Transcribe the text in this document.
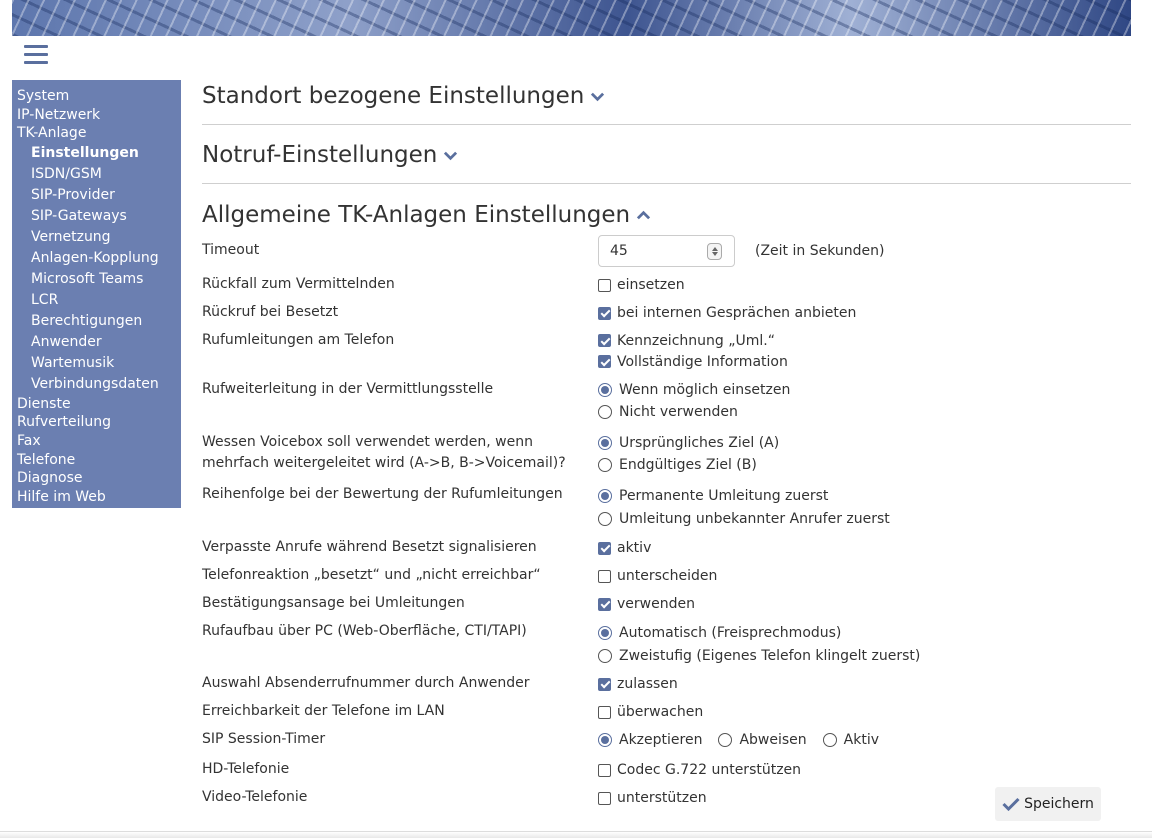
System
IP-Netzwerk
TK-Anlage
Einstellungen
ISDN/GSM
SIP-Provider
SIP-Gateways
Vernetzung
Anlagen-Kopplung
Microsoft Teams
LCR
Berechtigungen
Anwender
Wartemusik
Verbindungsdaten
Dienste
Rufverteilung
Fax
Telefone
Diagnose
Hilfe im Web
Standort bezogene Einstellungen
Notruf-Einstellungen
Allgemeine TK-Anlagen Einstellungen
Timeout	45	(Zeit in Sekunden)
Rückfall zum Vermittelnden	einsetzen
Rückruf bei Besetzt	bei internen Gesprächen anbieten
Rufumleitungen am Telefon	Kennzeichnung „Uml.“
Vollständige Information
Rufweiterleitung in der Vermittlungsstelle	Wenn möglich einsetzen
Nicht verwenden
Wessen Voicebox soll verwendet werden, wenn mehrfach weitergeleitet wird (A->B, B->Voicemail)?
Ursprüngliches Ziel (A)
Endgültiges Ziel (B)
Reihenfolge bei der Bewertung der Rufumleitungen	Permanente Umleitung zuerst
Umleitung unbekannter Anrufer zuerst
Verpasste Anrufe während Besetzt signalisieren	aktiv
Telefonreaktion „besetzt“ und „nicht erreichbar“	unterscheiden
Bestätigungsansage bei Umleitungen	verwenden
Rufaufbau über PC (Web-Oberfläche, CTI/TAPI)	Automatisch (Freisprechmodus)
Zweistufig (Eigenes Telefon klingelt zuerst)
Auswahl Absenderrufnummer durch Anwender	zulassen
Erreichbarkeit der Telefone im LAN	überwachen
SIP Session-Timer	Akzeptieren	Abweisen	Aktiv
HD-Telefonie	Codec G.722 unterstützen
Video-Telefonie	unterstützen	Speichern
